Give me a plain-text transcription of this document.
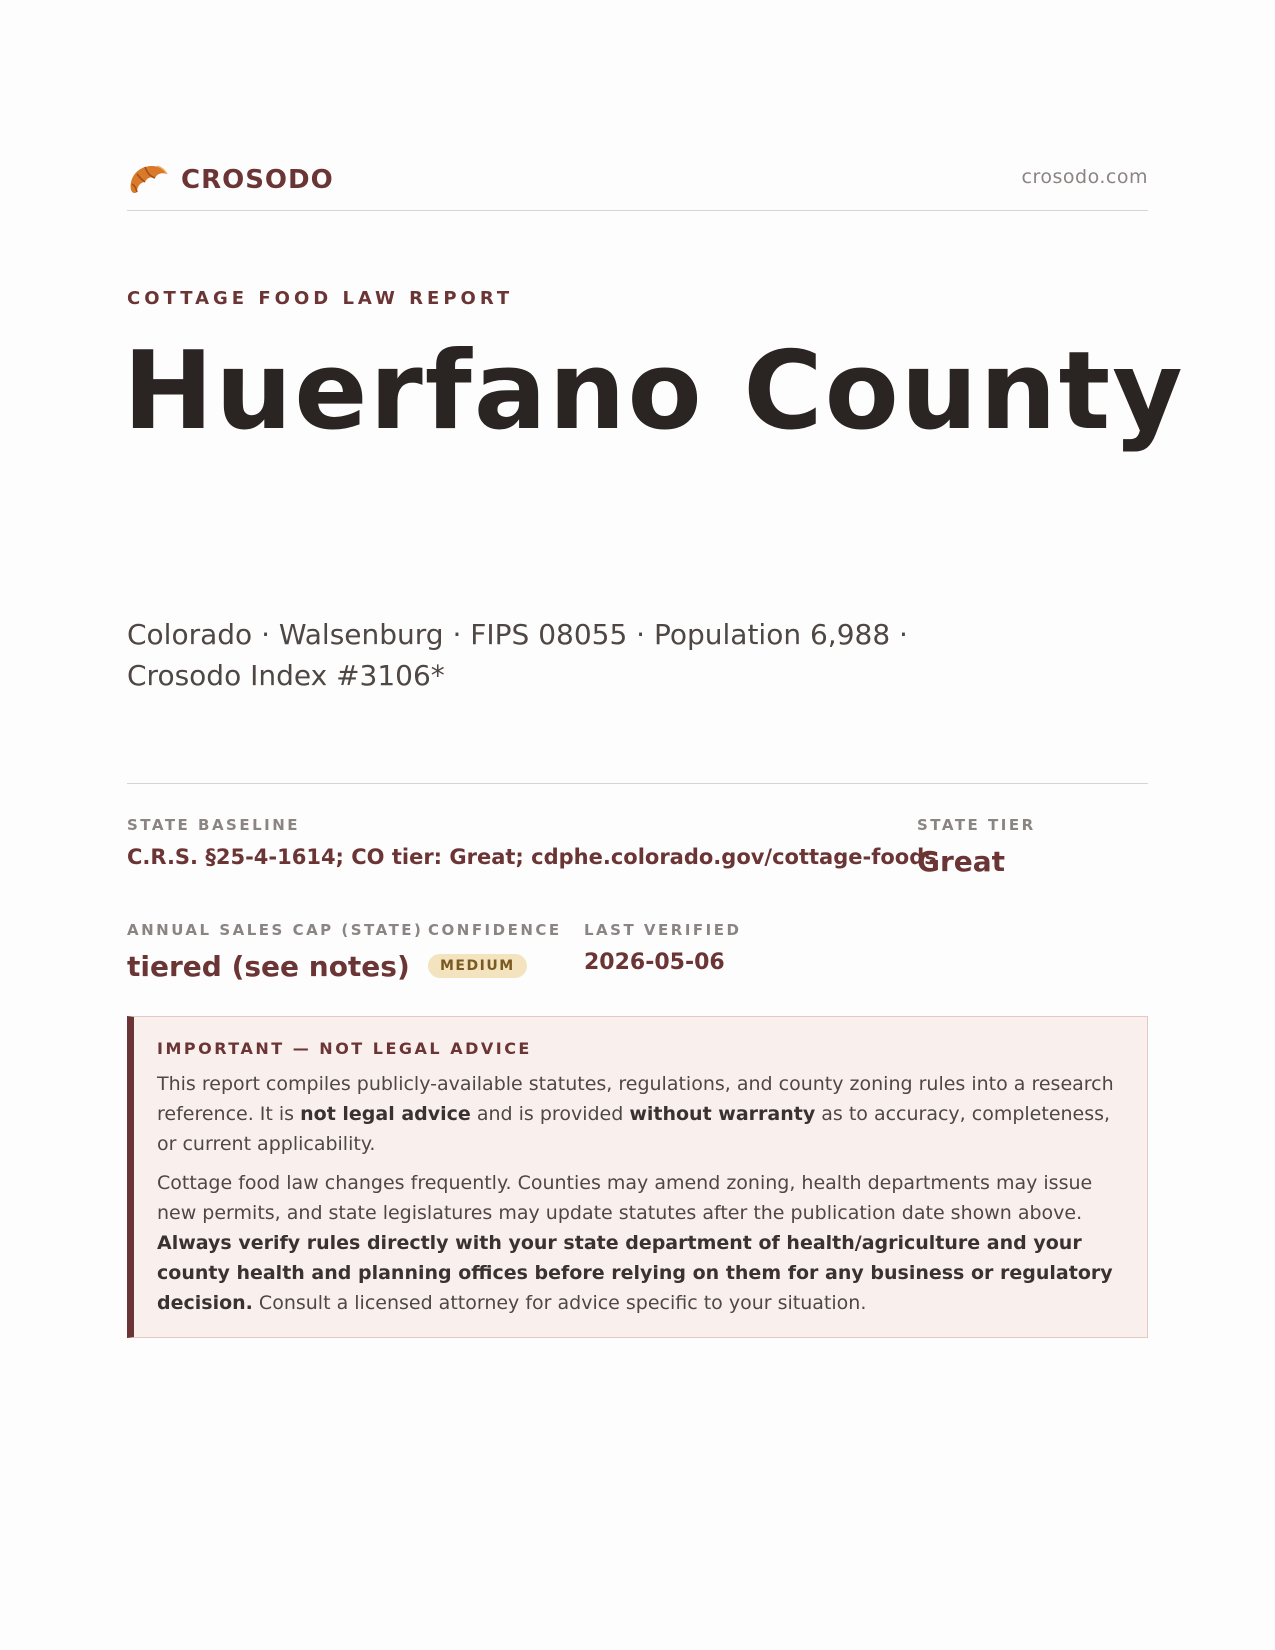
CROSODO	crosodo.com
COTTAGE FOOD LAW REPORT
Huerfano County
Colorado · Walsenburg · FIPS 08055 · Population 6,988 ·
Crosodo Index #3106*
STATE BASELINE
C.R.S. §25-4-1614; CO tier: Great; cdphe.colorado.gov/cottage-foods
STATE TIER
Great
ANNUAL SALES CAP (STATE)
tiered (see notes)
CONFIDENCE
MEDIUM
LAST VERIFIED
2026-05-06
IMPORTANT — NOT LEGAL ADVICE

This report compiles publicly-available statutes, regulations, and county zoning rules into a research reference. It is not legal advice and is provided without warranty as to accuracy, completeness, or current applicability.

Cottage food law changes frequently. Counties may amend zoning, health departments may issue new permits, and state legislatures may update statutes after the publication date shown above. Always verify rules directly with your state department of health/agriculture and your county health and planning offices before relying on them for any business or regulatory decision. Consult a licensed attorney for advice specific to your situation.
